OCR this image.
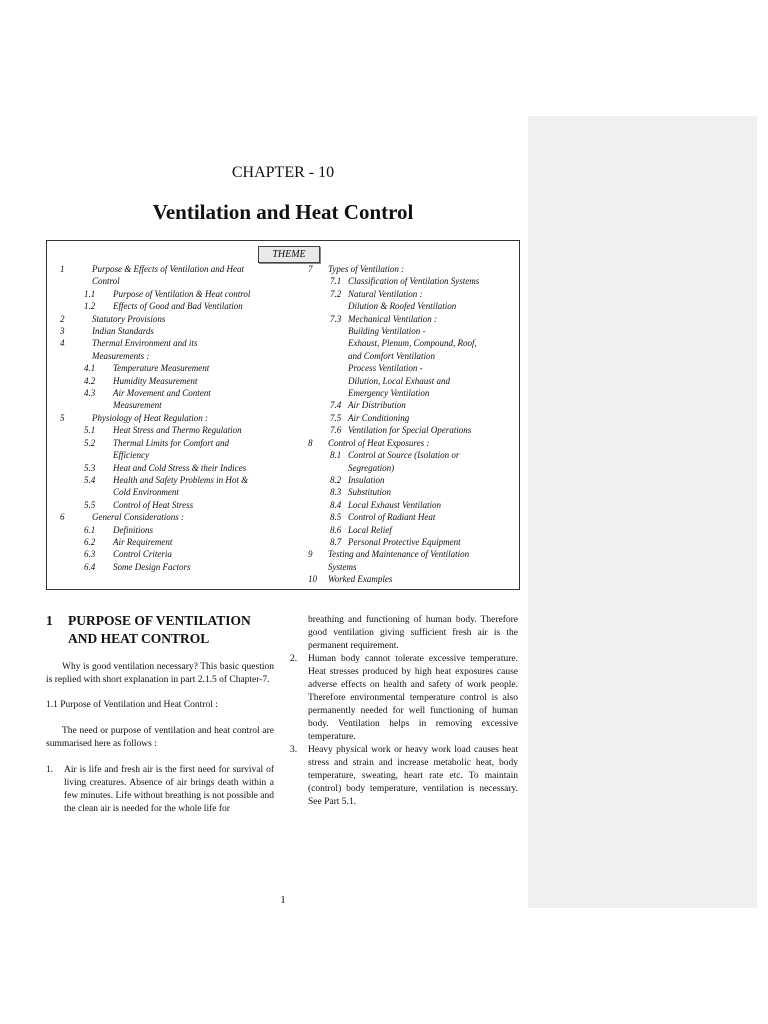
CHAPTER - 10
Ventilation and Heat Control
THEME
1	Purpose & Effects of Ventilation and Heat
Control
1.1	Purpose of Ventilation & Heat control
1.2	Effects of Good and Bad Ventilation
2	Statutory Provisions
3	Indian Standards
4	Thermal Environment and its
Measurements :
4.1	Temperature Measurement
4.2	Humidity Measurement
4.3	Air Movement and Content
Measurement
5	Physiology of Heat Regulation :
5.1	Heat Stress and Thermo Regulation
5.2	Thermal Limits for Comfort and
Efficiency
5.3	Heat and Cold Stress & their Indices
5.4	Health and Safety Problems in Hot &
Cold Environment
5.5	Control of Heat Stress
6	General Considerations :
6.1	Definitions
6.2	Air Requirement
6.3	Control Criteria
6.4	Some Design Factors
7	Types of Ventilation :
7.1 Classification of Ventilation Systems
7.2 Natural Ventilation :
Dilution & Roofed Ventilation
7.3 Mechanical Ventilation :
Building Ventilation -
Exhaust, Plenum, Compound, Roof,
and Comfort Ventilation
Process Ventilation -
Dilution, Local Exhaust and
Emergency Ventilation
7.4 Air Distribution
7.5 Air Conditioning
7.6 Ventilation for Special Operations
8	Control of Heat Exposures :
8.1 Control at Source (Isolation or
Segregation)
8.2 Insulation
8.3 Substitution
8.4 Local Exhaust Ventilation
8.5 Control of Radiant Heat
8.6 Local Relief
8.7 Personal Protective Equipment
9	Testing and Maintenance of Ventilation
Systems
10	Worked Examples
1	PURPOSE OF VENTILATION
AND HEAT CONTROL

Why is good ventilation necessary? This basic question is replied with short explanation in part 2.1.5 of Chapter-7.

1.1 Purpose of Ventilation and Heat Control :

The need or purpose of ventilation and heat control are summarised here as follows :

1.	Air is life and fresh air is the first need for survival of living creatures. Absence of air brings death within a few minutes. Life without breathing is not possible and the clean air is needed for the whole life for
breathing and functioning of human body. Therefore good ventilation giving sufficient fresh air is the permanent requirement.
2.	Human body cannot tolerate excessive temperature. Heat stresses produced by high heat exposures cause adverse effects on health and safety of work people. Therefore environmental temperature control is also permanently needed for well functioning of human body. Ventilation helps in removing excessive temperature.
3.	Heavy physical work or heavy work load causes heat stress and strain and increase metabolic heat, body temperature, sweating, heart rate etc. To maintain (control) body temperature, ventilation is necessary. See Part 5.1.
1
